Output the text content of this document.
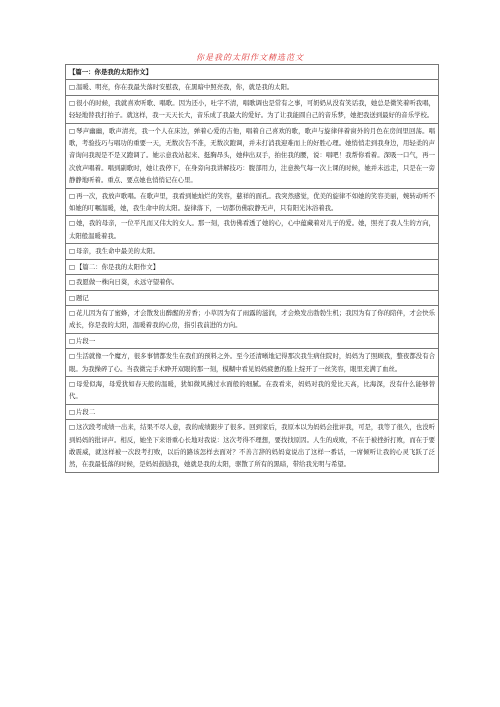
你是我的太阳作文精选范文
【篇一：你是我的太阳作文】
□温暖、明亮，你在我最失落时安慰我，在黑暗中照亮我，你，就是我的太阳。
□很小的时候，我就喜欢听歌、唱歌。因为还小，吐字不清，唱歌调也是常有之事，可奶奶从没有笑话我，她总是微笑着听我唱，轻轻地替我打拍子。就这样，我一天天长大，音乐成了我最大的爱好。为了让我能圆自己的音乐梦，她把我送到最好的音乐学校。
□琴声幽幽，歌声清亮，我一个人在床边，弹着心爱的吉他，唱着自己喜欢的歌，歌声与旋律伴着窗外的月色在房间里回荡。唱歌，考验技巧与唱功的重要一天，无数次告不准，无数次跑调，并未打消我迎难而上的好胜心理。她悄悄走到我身边，用轻柔的声音询问我现是不是又跑调了。她示意我站起来、挺胸昂头，她伸出双手，拍住我的腰，说：唱吧！我帮你看着。深吸一口气，再一次放声唱着。唱到副歌时，她让我停下，在身旁向我讲解技巧：腹部用力，注意换气每一次上课的时候，她并未远走，只是在一旁静静地听着。重点、要点她也悄悄记在心里。
□再一次，我放声歌唱。在歌声里，我看到她灿烂的笑容，慈祥的面孔。我突然感觉，优美的旋律不如她的笑容美丽，婉转动听不如她的叮嘱温暖，她，我生命中的太阳。旋律落下，一切都仿佛寂静无声，只有阳光沐浴着我。
□她，我的母亲，一位平凡而又伟大的女人。那一刻，我仿佛看透了她的心，心中蕴藏着对儿子的爱。她，照亮了我人生的方向，太阳般温暖着我。
□母亲，我生命中最美的太阳。
□【篇二：你是我的太阳作文】
□我愿做一株向日葵，永远守望着你。
□题记
□花儿因为有了蜜蜂，才会散发出醉醒的芳香；小草因为有了雨露的滋润，才会焕发出勃勃生机；我因为有了你的陪伴，才会快乐成长，你是我的太阳，温暖着我的心房，指引我前进的方向。
□片段一
□生活就像一个魔方，很多事情都发生在我们的预料之外。至今还清晰地记得那次我生病住院时，妈妈为了照顾我，整夜都没有合眼。为我操碎了心。当我微完手术睁开双眼的那一刻，模糊中看见妈妈疲惫的脸上绽开了一丝笑容，眼里充满了血丝。
□母爱似海，母爱犹如春天般的温暖，犹如微风拂过水面般的细腻。在我看来，妈妈对我的爱比天高，比海深，没有什么能够替代。
□片段二
□这次段考成绩一出来，结果不尽人意，我的成绩跟步了很多。回到家后，我原本以为妈妈会批评我，可是，我等了很久，也没听到妈妈的批评声。相反，她坐下来语重心长地对我说：这次考得不理想，要找找原因。人生的成败，不在于被挫折打败，而在于要敢震威，就这样被一次段考打败，以后的路该怎样去面对？不善言辞的妈妈竟说出了这样一番话，一席倾听让我的心灵飞跃了泛然，在我最低落的时候，是妈妈鼓励我，她就是我的太阳，驱散了所有的黑暗，带给我光明与希望。
